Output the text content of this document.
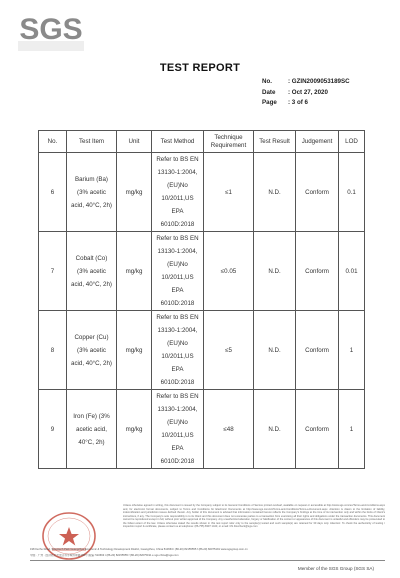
SGS
TEST REPORT
No.	: GZIN2009053189SC
Date	: Oct 27, 2020
Page	: 3 of 6
No.	Test Item	Unit	Test Method	Technique Requirement	Test Result	Judgement	LOD
6	Barium (Ba) (3% acetic acid, 40°C, 2h)	mg/kg	Refer to BS EN 13130-1:2004,(EU)No 10/2011,US EPA 6010D:2018	≤1	N.D.	Conform	0.1
7	Cobalt (Co) (3% acetic acid, 40°C, 2h)	mg/kg	Refer to BS EN 13130-1:2004,(EU)No 10/2011,US EPA 6010D:2018	≤0.05	N.D.	Conform	0.01
8	Copper (Cu) (3% acetic acid, 40°C, 2h)	mg/kg	Refer to BS EN 13130-1:2004,(EU)No 10/2011,US EPA 6010D:2018	≤5	N.D.	Conform	1
9	Iron (Fe) (3% acetic acid, 40°C, 2h)	mg/kg	Refer to BS EN 13130-1:2004,(EU)No 10/2011,US EPA 6010D:2018	≤48	N.D.	Conform	1
Unless otherwise agreed in writing, this document is issued by the Company subject to its General Conditions of Service printed overleaf, available on request or accessible at http://www.sgs.com/en/Terms-and-Conditions.aspx and, for electronic format documents, subject to Terms and Conditions for Electronic Documents at http://www.sgs.com/en/Terms-and-Conditions/Terms-e-Document.aspx. Attention is drawn to the limitation of liability, indemnification and jurisdiction issues defined therein. Any holder of this document is advised that information contained hereon reflects the Company's findings at the time of its intervention only and within the limits of Client's instructions, if any. The Company's sole responsibility is to its Client and this document does not exonerate parties to a transaction from exercising all their rights and obligations under the transaction documents. This document cannot be reproduced except in full, without prior written approval of the Company. Any unauthorized alteration, forgery or falsification of the content or appearance of this document is unlawful and offenders may be prosecuted to the fullest extent of the law. Unless otherwise stated the results shown in this test report refer only to the sample(s) tested and such sample(s) are retained for 30 days only. Attention: To check the authenticity of testing / inspection report & certificate, please contact us at telephone: (86-755) 8307 1443, or email: CN.Doccheck@sgs.com
198 Kezhu Road, Scientech Park Guangzhou Economic & Technology Development District, Guangzhou, China 510663 t (86-20) 82155555 f (86-20) 82075191 www.sgsgroup.com.cn
中国 · 广州 · 经济技术开发区科学城科珠路198号 邮编: 510663 t (86-20) 82155555 f (86-20) 82075191 e sgs.china@sgs.com
Member of the SGS Group (SGS SA)
